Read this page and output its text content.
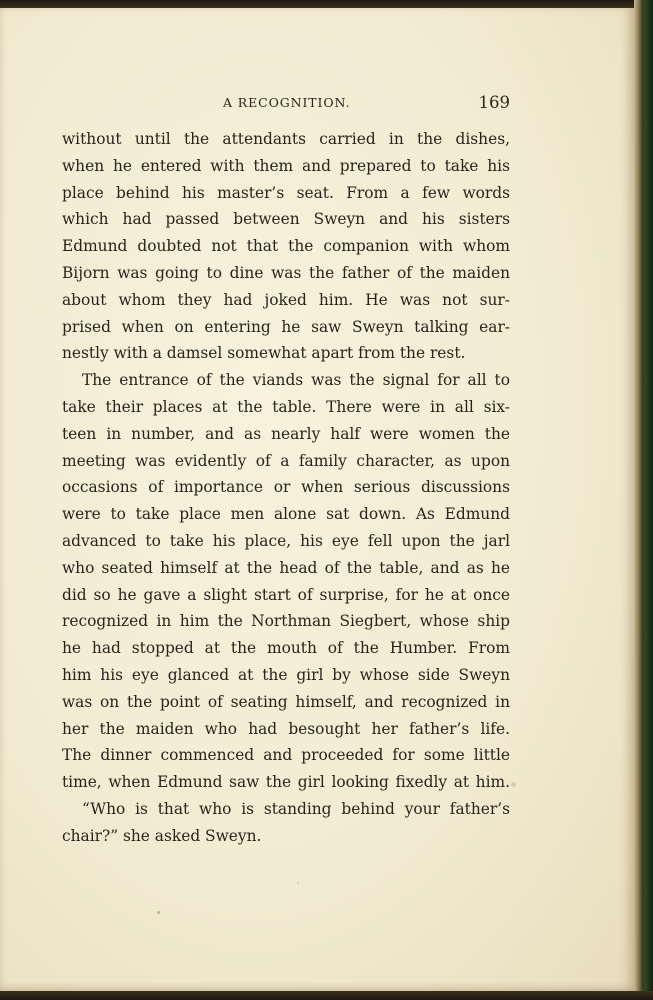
A RECOGNITION.	169
without until the attendants carried in the dishes,
when he entered with them and prepared to take his
place behind his master’s seat. From a few words
which had passed between Sweyn and his sisters
Edmund doubted not that the companion with whom
Bijorn was going to dine was the father of the maiden
about whom they had joked him. He was not sur-
prised when on entering he saw Sweyn talking ear-
nestly with a damsel somewhat apart from the rest.
The entrance of the viands was the signal for all to
take their places at the table. There were in all six-
teen in number, and as nearly half were women the
meeting was evidently of a family character, as upon
occasions of importance or when serious discussions
were to take place men alone sat down. As Edmund
advanced to take his place, his eye fell upon the jarl
who seated himself at the head of the table, and as he
did so he gave a slight start of surprise, for he at once
recognized in him the Northman Siegbert, whose ship
he had stopped at the mouth of the Humber. From
him his eye glanced at the girl by whose side Sweyn
was on the point of seating himself, and recognized in
her the maiden who had besought her father’s life.
The dinner commenced and proceeded for some little
time, when Edmund saw the girl looking fixedly at him.
“Who is that who is standing behind your father’s
chair?” she asked Sweyn.
